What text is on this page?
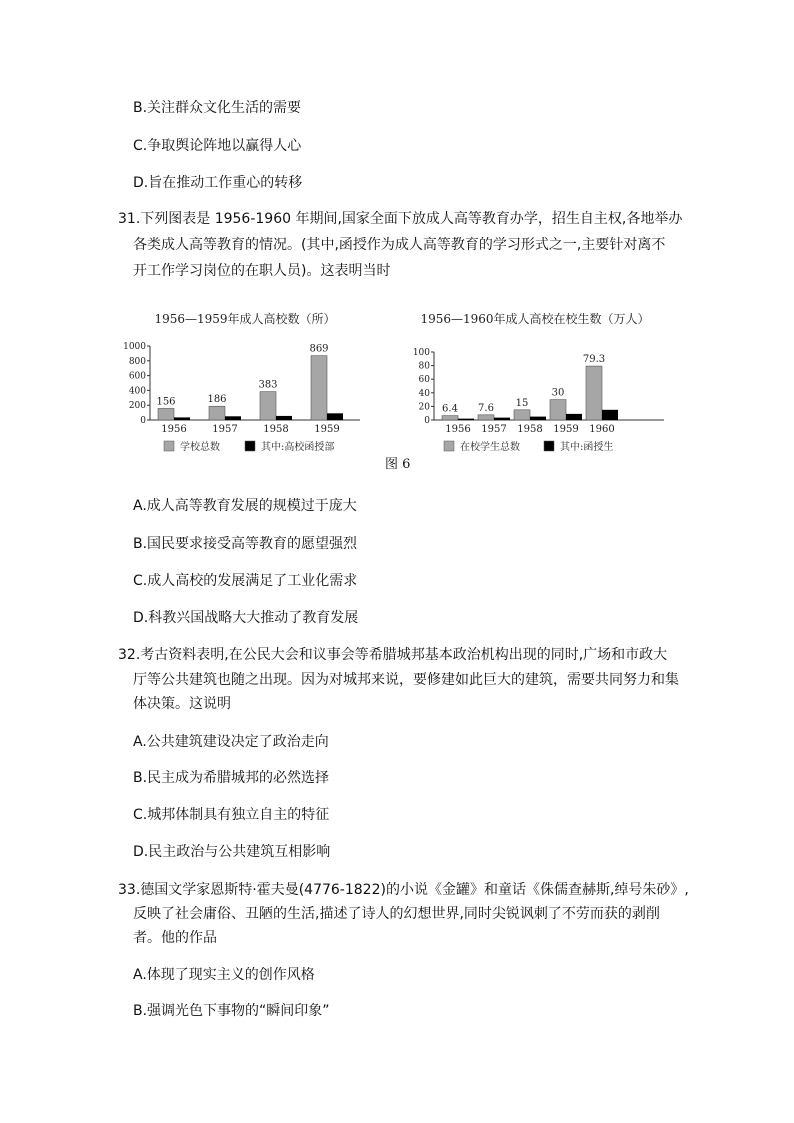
B.关注群众文化生活的需要
C.争取舆论阵地以赢得人心
D.旨在推动工作重心的转移
31.下列图表是 1956-1960 年期间,国家全面下放成人高等教育办学，招生自主权,各地举办
各类成人高等教育的情况。(其中,函授作为成人高等教育的学习形式之一,主要针对离不
开工作学习岗位的在职人员)。这表明当时
1956—1959年成人高校数（所）
0
200
400
600
800
1000
156
1956
186
1957
383
1958
869
1959
学校总数	其中:高校函授部
1956—1960年成人高校在校生数（万人）
0
20
40
60
80
100
6.4
1956
7.6
1957
15
1958
30
1959
79.3
1960
在校学生总数	其中:函授生
图 6
A.成人高等教育发展的规模过于庞大
B.国民要求接受高等教育的愿望强烈
C.成人高校的发展满足了工业化需求
D.科教兴国战略大大推动了教育发展
32.考古资料表明,在公民大会和议事会等希腊城邦基本政治机构出现的同时,广场和市政大
厅等公共建筑也随之出现。因为对城邦来说，要修建如此巨大的建筑，需要共同努力和集
体决策。这说明
A.公共建筑建设决定了政治走向
B.民主成为希腊城邦的必然选择
C.城邦体制具有独立自主的特征
D.民主政治与公共建筑互相影响
33.德国文学家恩斯特·霍夫曼(4776-1822)的小说《金罐》和童话《侏儒查赫斯,绰号朱砂》,
反映了社会庸俗、丑陋的生活,描述了诗人的幻想世界,同时尖锐讽刺了不劳而获的剥削
者。他的作品
A.体现了现实主义的创作风格
B.强调光色下事物的“瞬间印象”
